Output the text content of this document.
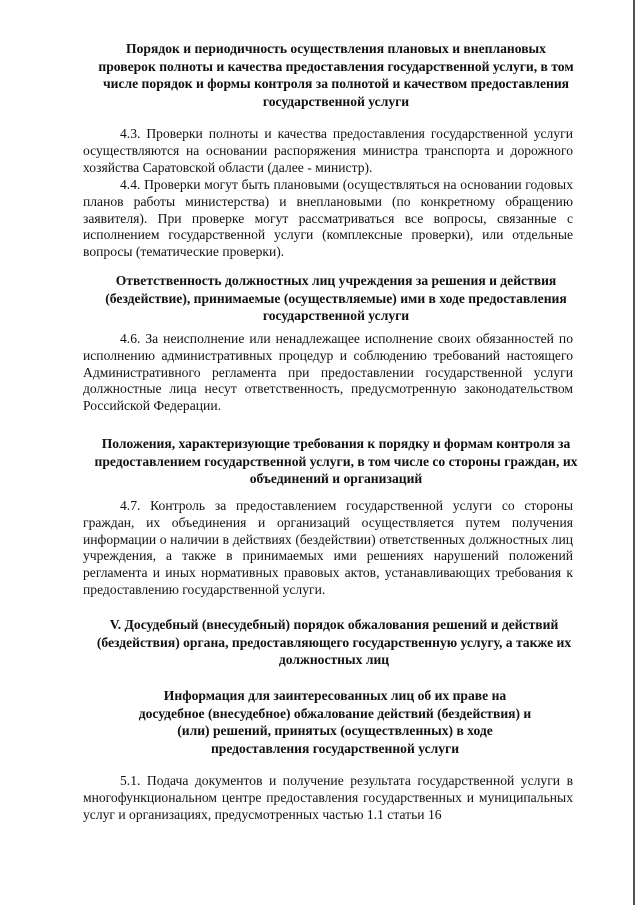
Порядок и периодичность осуществления плановых и внеплановых проверок полноты и качества предоставления государственной услуги, в том числе порядок и формы контроля за полнотой и качеством предоставления государственной услуги
4.3. Проверки полноты и качества предоставления государственной услуги осуществляются на основании распоряжения министра транспорта и дорожного хозяйства Саратовской области (далее - министр).
4.4. Проверки могут быть плановыми (осуществляться на основании годовых планов работы министерства) и внеплановыми (по конкретному обращению заявителя). При проверке могут рассматриваться все вопросы, связанные с исполнением государственной услуги (комплексные проверки), или отдельные вопросы (тематические проверки).
Ответственность должностных лиц учреждения за решения и действия (бездействие), принимаемые (осуществляемые) ими в ходе предоставления государственной услуги
4.6. За неисполнение или ненадлежащее исполнение своих обязанностей по исполнению административных процедур и соблюдению требований настоящего Административного регламента при предоставлении государственной услуги должностные лица несут ответственность, предусмотренную законодательством Российской Федерации.
Положения, характеризующие требования к порядку и формам контроля за предоставлением государственной услуги, в том числе со стороны граждан, их объединений и организаций
4.7. Контроль за предоставлением государственной услуги со стороны граждан, их объединения и организаций осуществляется путем получения информации о наличии в действиях (бездействии) ответственных должностных лиц учреждения, а также в принимаемых ими решениях нарушений положений регламента и иных нормативных правовых актов, устанавливающих требования к предоставлению государственной услуги.
V. Досудебный (внесудебный) порядок обжалования решений и действий (бездействия) органа, предоставляющего государственную услугу, а также их должностных лиц
Информация для заинтересованных лиц об их праве на досудебное (внесудебное) обжалование действий (бездействия) и (или) решений, принятых (осуществленных) в ходе предоставления государственной услуги
5.1. Подача документов и получение результата государственной услуги в многофункциональном центре предоставления государственных и муниципальных услуг и организациях, предусмотренных частью 1.1 статьи 16
